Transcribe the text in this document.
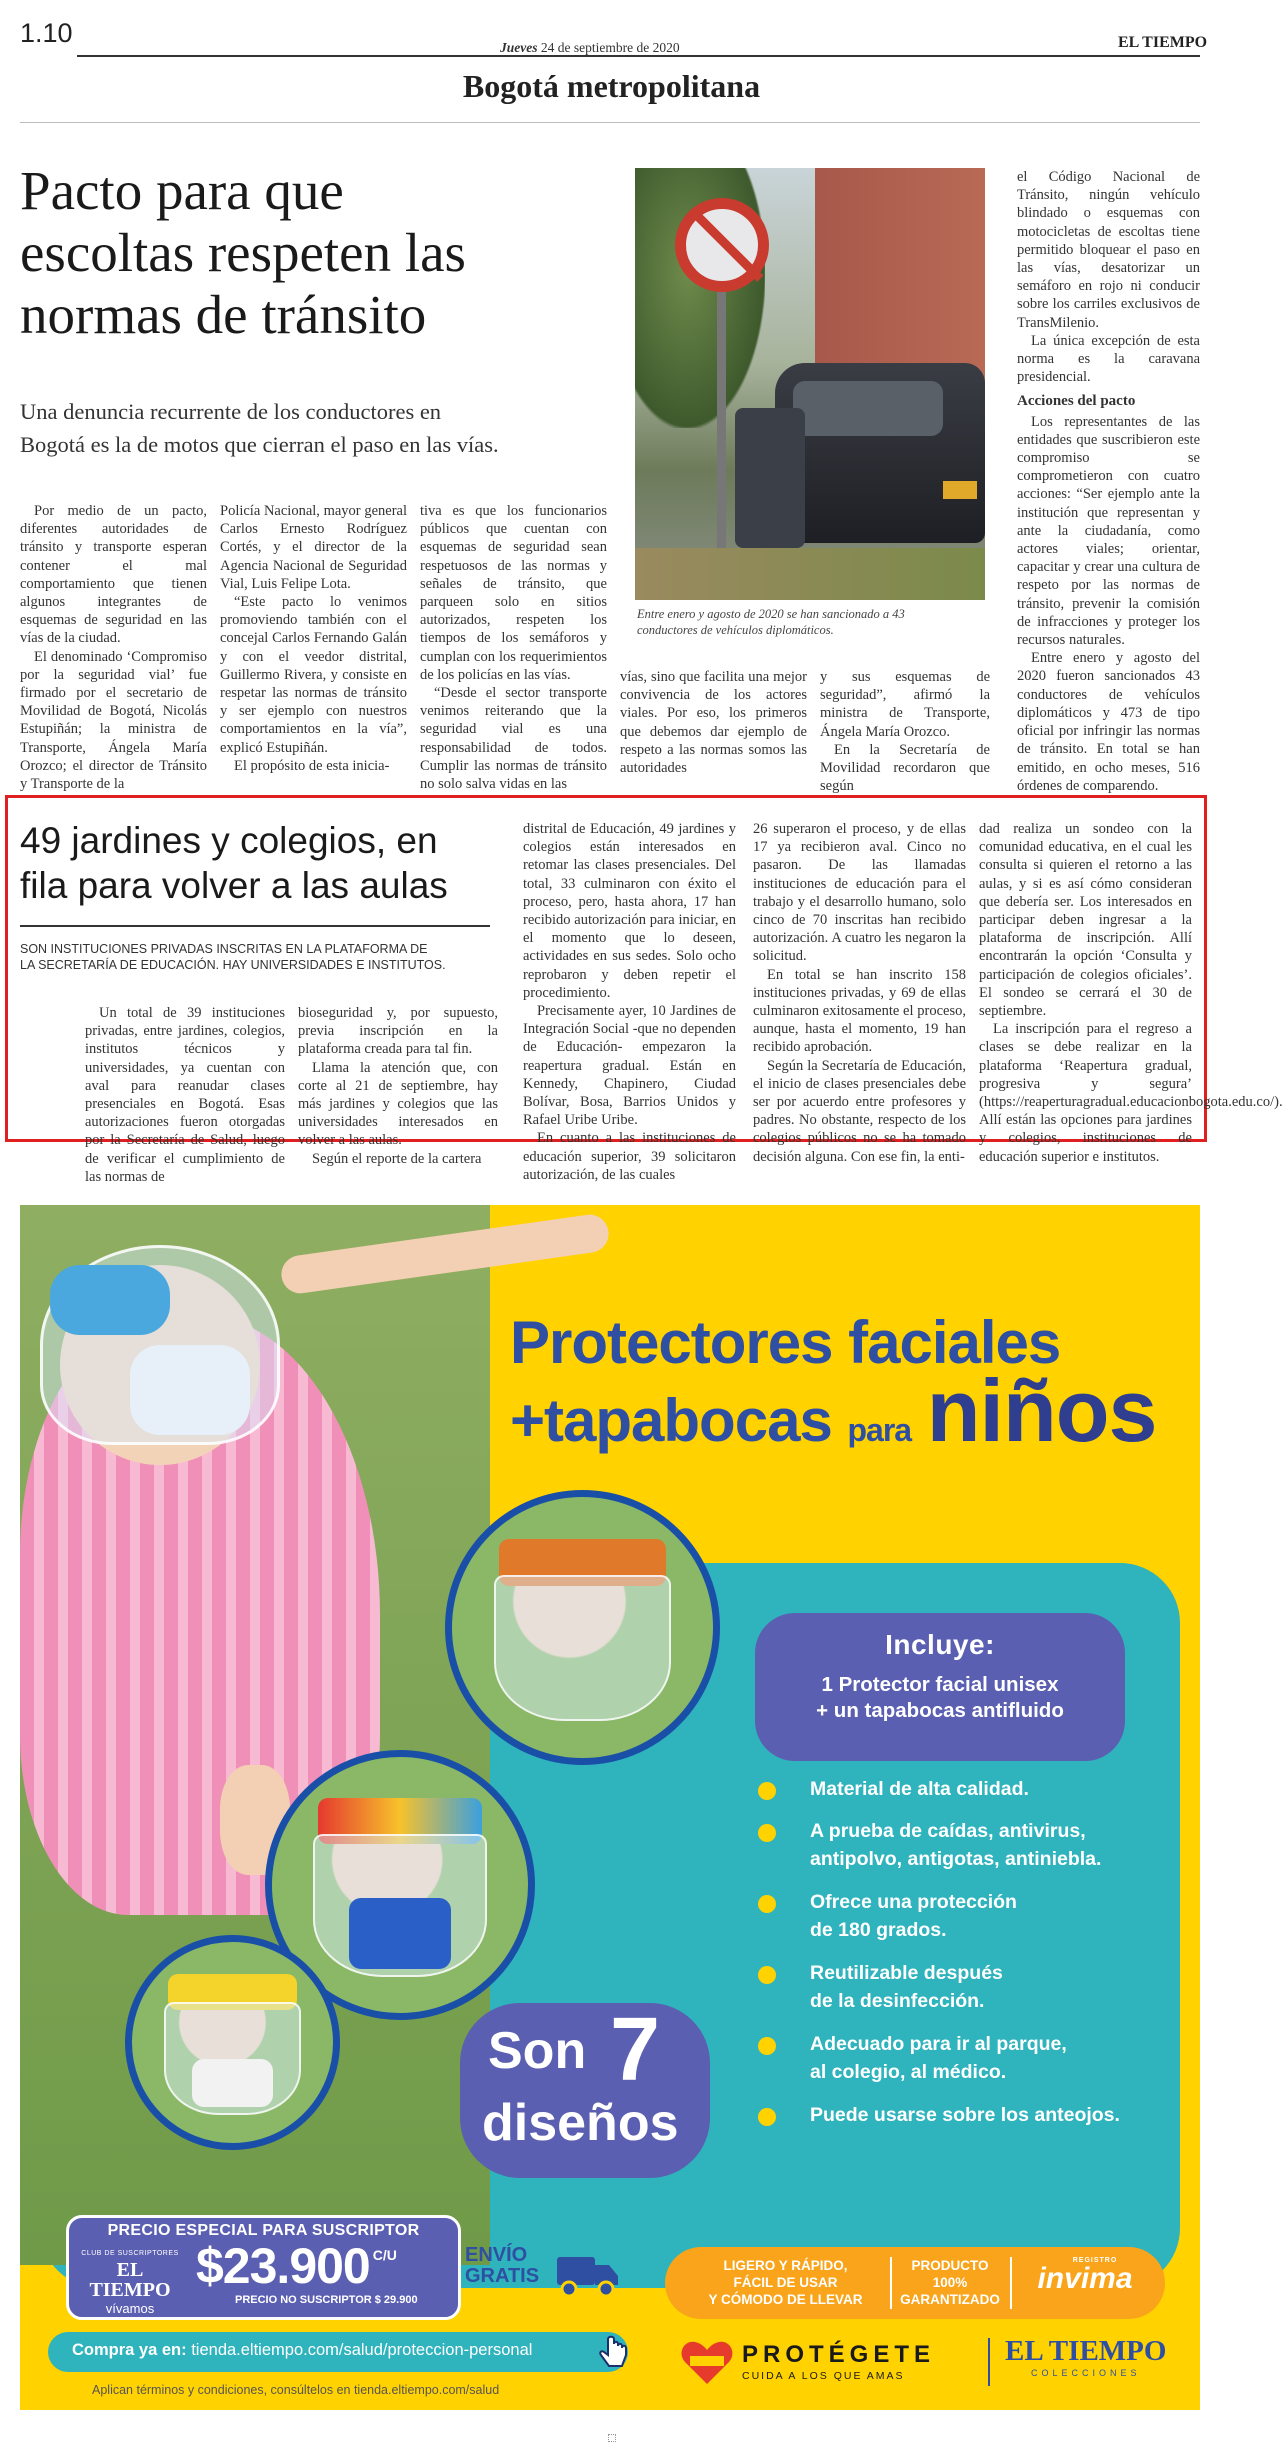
1.10	Jueves 24 de septiembre de 2020	EL TIEMPO
Bogotá metropolitana
Pacto para que
escoltas respeten las
normas de tránsito
Una denuncia recurrente de los conductores en
Bogotá es la de motos que cierran el paso en las vías.
Entre enero y agosto de 2020 se han sancionado a 43
conductores de vehículos diplomáticos.

Por medio de un pacto, diferentes autoridades de tránsito y transporte esperan contener el mal comportamiento que tienen algunos integrantes de esquemas de seguridad en las vías de la ciudad.

El denominado ‘Compromiso por la seguridad vial’ fue firmado por el secretario de Movilidad de Bogotá, Nicolás Estupiñán; la ministra de Transporte, Ángela María Orozco; el director de Tránsito y Transporte de la

Policía Nacional, mayor general Carlos Ernesto Rodríguez Cortés, y el director de la Agencia Nacional de Seguridad Vial, Luis Felipe Lota.

“Este pacto lo venimos promoviendo también con el concejal Carlos Fernando Galán y con el veedor distrital, Guillermo Rivera, y consiste en respetar las normas de tránsito y ser ejemplo con nuestros comportamientos en la vía”, explicó Estupiñán.

El propósito de esta inicia-

tiva es que los funcionarios públicos que cuentan con esquemas de seguridad sean respetuosos de las normas y señales de tránsito, que parqueen solo en sitios autorizados, respeten los tiempos de los semáforos y cumplan con los requerimientos de los policías en las vías.

“Desde el sector transporte venimos reiterando que la seguridad vial es una responsabilidad de todos. Cumplir las normas de tránsito no solo salva vidas en las

vías, sino que facilita una mejor convivencia de los actores viales. Por eso, los primeros que debemos dar ejemplo de respeto a las normas somos las autoridades

y sus esquemas de seguridad”, afirmó la ministra de Transporte, Ángela María Orozco.

En la Secretaría de Movilidad recordaron que según

el Código Nacional de Tránsito, ningún vehículo blindado o esquemas con motocicletas de escoltas tiene permitido bloquear el paso en las vías, desatorizar un semáforo en rojo ni conducir sobre los carriles exclusivos de TransMilenio.

La única excepción de esta norma es la caravana presidencial.

Acciones del pacto

Los representantes de las entidades que suscribieron este compromiso se comprometieron con cuatro acciones: “Ser ejemplo ante la institución que representan y ante la ciudadanía, como actores viales; orientar, capacitar y crear una cultura de respeto por las normas de tránsito, prevenir la comisión de infracciones y proteger los recursos naturales.

Entre enero y agosto del 2020 fueron sancionados 43 conductores de vehículos diplomáticos y 473 de tipo oficial por infringir las normas de tránsito. En total se han emitido, en ocho meses, 516 órdenes de comparendo.

49 jardines y colegios, en
fila para volver a las aulas
SON INSTITUCIONES PRIVADAS INSCRITAS EN LA PLATAFORMA DE
LA SECRETARÍA DE EDUCACIÓN. HAY UNIVERSIDADES E INSTITUTOS.

Un total de 39 instituciones privadas, entre jardines, colegios, institutos técnicos y universidades, ya cuentan con aval para reanudar clases presenciales en Bogotá. Esas autorizaciones fueron otorgadas por la Secretaría de Salud, luego de verificar el cumplimiento de las normas de

bioseguridad y, por supuesto, previa inscripción en la plataforma creada para tal fin.

Llama la atención que, con corte al 21 de septiembre, hay más jardines y colegios que las universidades interesados en volver a las aulas.

Según el reporte de la cartera

distrital de Educación, 49 jardines y colegios están interesados en retomar las clases presenciales. Del total, 33 culminaron con éxito el proceso, pero, hasta ahora, 17 han recibido autorización para iniciar, en el momento que lo deseen, actividades en sus sedes. Solo ocho reprobaron y deben repetir el procedimiento.

Precisamente ayer, 10 Jardines de Integración Social -que no dependen de Educación- empezaron la reapertura gradual. Están en Kennedy, Chapinero, Ciudad Bolívar, Bosa, Barrios Unidos y Rafael Uribe Uribe.

En cuanto a las instituciones de educación superior, 39 solicitaron autorización, de las cuales

26 superaron el proceso, y de ellas 17 ya recibieron aval. Cinco no pasaron. De las llamadas instituciones de educación para el trabajo y el desarrollo humano, solo cinco de 70 inscritas han recibido autorización. A cuatro les negaron la solicitud.

En total se han inscrito 158 instituciones privadas, y 69 de ellas culminaron exitosamente el proceso, aunque, hasta el momento, 19 han recibido aprobación.

Según la Secretaría de Educación, el inicio de clases presenciales debe ser por acuerdo entre profesores y padres. No obstante, respecto de los colegios públicos no se ha tomado decisión alguna. Con ese fin, la enti-

dad realiza un sondeo con la comunidad educativa, en el cual les consulta si quieren el retorno a las aulas, y si es así cómo consideran que debería ser. Los interesados en participar deben ingresar a la plataforma de inscripción. Allí encontrarán la opción ‘Consulta y participación de colegios oficiales’. El sondeo se cerrará el 30 de septiembre.

La inscripción para el regreso a clases se debe realizar en la plataforma ‘Reapertura gradual, progresiva y segura’ (https://reaperturagradual.educacionbogota.edu.co/). Allí están las opciones para jardines y colegios, instituciones de educación superior e institutos.

Protectores faciales
+tapabocas para niños
Incluye:
1 Protector facial unisex
+ un tapabocas antifluido
Material de alta calidad.
A prueba de caídas, antivirus,
antipolvo, antigotas, antiniebla.
Ofrece una protección
de 180 grados.
Reutilizable después
de la desinfección.
Adecuado para ir al parque,
al colegio, al médico.
Puede usarse sobre los anteojos.
Son 7
diseños
PRECIO ESPECIAL PARA SUSCRIPTOR
CLUB DE SUSCRIPTORES
EL TIEMPO
vívamos
$23.900 C/U
PRECIO NO SUSCRIPTOR $ 29.900
ENVÍO
GRATIS	LIGERO Y RÁPIDO,
FÁCIL DE USAR
Y CÓMODO DE LLEVAR
PRODUCTO
100%
GARANTIZADO
REGISTRO
invima
Compra ya en: tienda.eltiempo.com/salud/proteccion-personal
Aplican términos y condiciones, consúltelos en tienda.eltiempo.com/salud
PROTÉGETE
CUIDA A LOS QUE AMAS
EL TIEMPO
COLECCIONES
